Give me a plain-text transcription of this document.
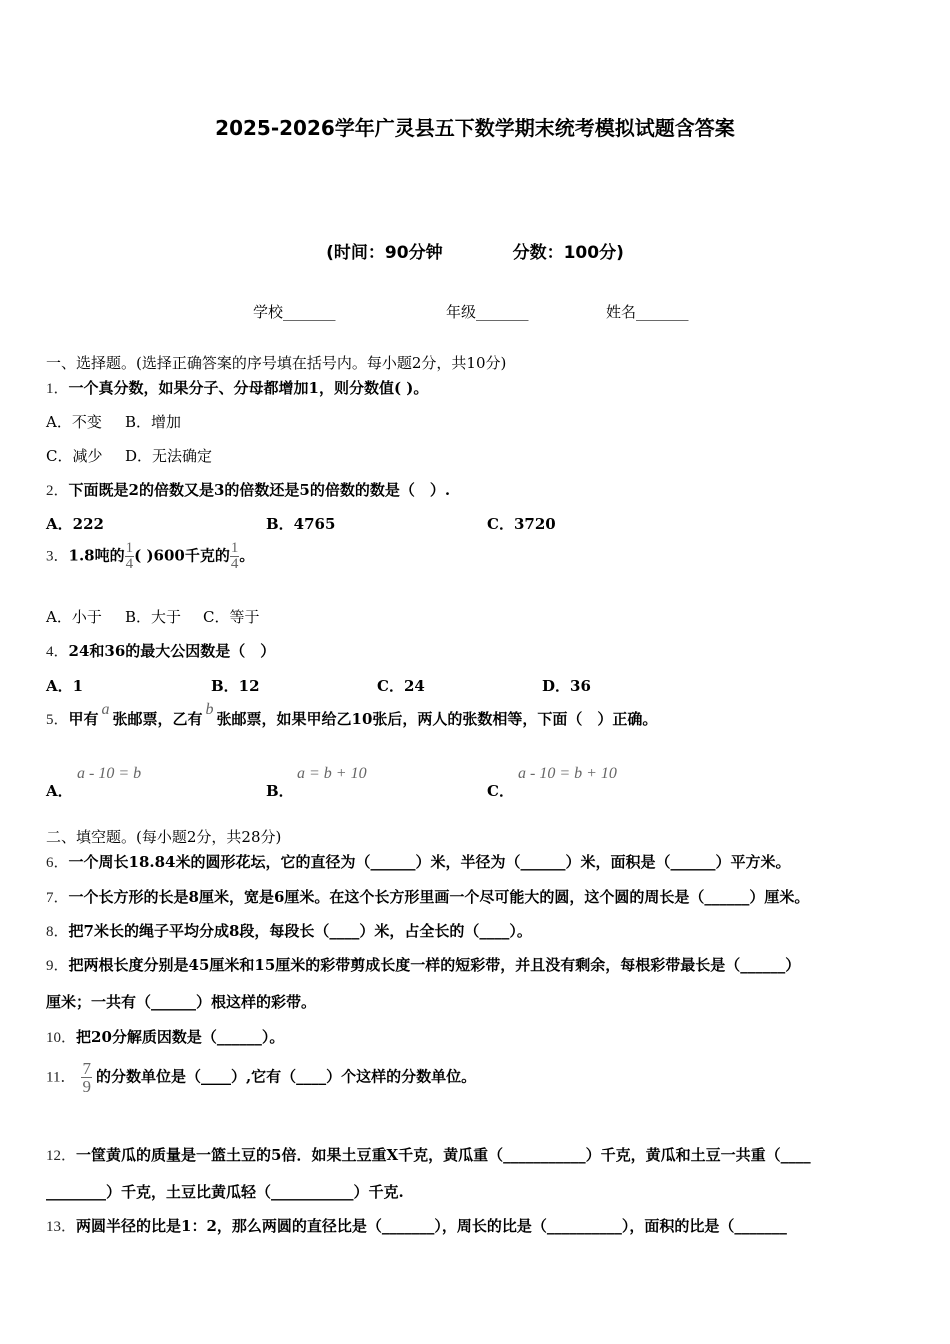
2025-2026学年广灵县五下数学期末统考模拟试题含答案
(时间：90分钟	分数：100分)
学校_______	年级_______	姓名_______
一、选择题。(选择正确答案的序号填在括号内。每小题2分，共10分)
1．一个真分数，如果分子、分母都增加1，则分数值( )。
A．不变 B．增加
C．减少 D．无法确定
2．下面既是2的倍数又是3的倍数还是5的倍数的数是（　）.
A．222	B．4765	C．3720
3．1.8吨的 $\frac{1}{4}$ ( )600千克的 $\frac{1}{4}$ 。
A．小于 B．大于 C．等于
4．24和36的最大公因数是（　）
A．1	B．12	C．24	D．36
5．甲有a张邮票，乙有b张邮票，如果甲给乙10张后，两人的张数相等，下面（　）正确。
A．
a - 10 = b
B．
a = b + 10
C．
a - 10 = b + 10
二、填空题。(每小题2分，共28分)
6．一个周长18.84米的圆形花坛，它的直径为（______）米，半径为（______）米，面积是（______）平方米。
7．一个长方形的长是8厘米，宽是6厘米。在这个长方形里画一个尽可能大的圆，这个圆的周长是（______）厘米。
8．把7米长的绳子平均分成8段，每段长（____）米，占全长的（____）。
9．把两根长度分别是45厘米和15厘米的彩带剪成长度一样的短彩带，并且没有剩余，每根彩带最长是（______）
厘米；一共有（______）根这样的彩带。
10．把20分解质因数是（______）。
11． $\frac{7}{9}$ 的分数单位是（____）,它有（____）个这样的分数单位。
12．一筐黄瓜的质量是一篮土豆的5倍．如果土豆重X千克，黄瓜重（___________）千克，黄瓜和土豆一共重（____
________）千克，土豆比黄瓜轻（___________）千克.
13．两圆半径的比是1：2，那么两圆的直径比是（_______），周长的比是（__________），面积的比是（_______
